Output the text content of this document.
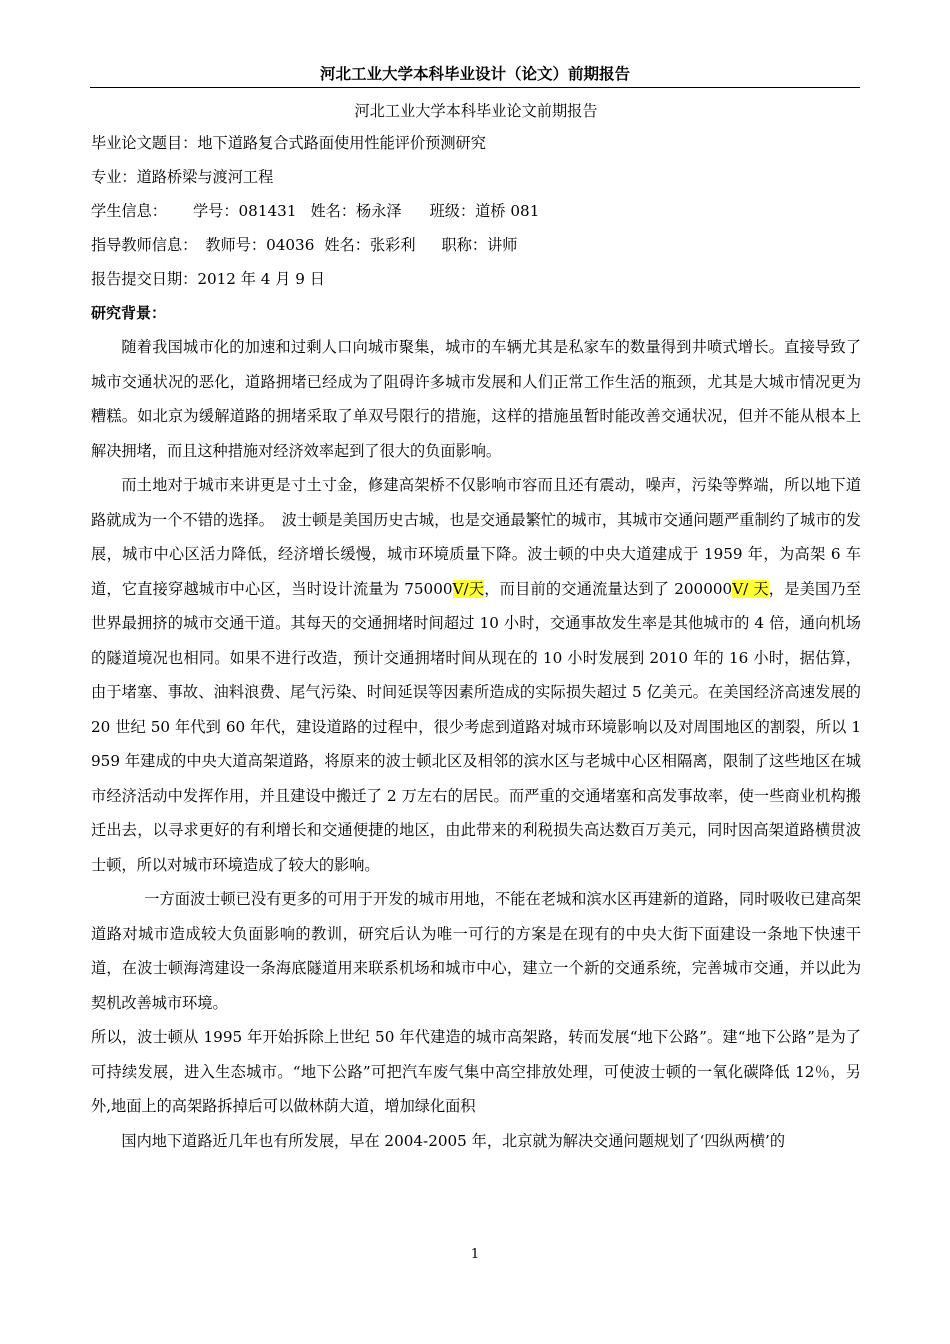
河北工业大学本科毕业设计（论文）前期报告

河北工业大学本科毕业论文前期报告

毕业论文题目：地下道路复合式路面使用性能评价预测研究

专业：道路桥梁与渡河工程

学生信息： 学号：081431 姓名：杨永泽 班级：道桥 081

指导教师信息： 教师号：04036 姓名：张彩利 职称：讲师

报告提交日期：2012 年 4 月 9 日

研究背景：

随着我国城市化的加速和过剩人口向城市聚集，城市的车辆尤其是私家车的数量得到井喷式增长。直接导致了城市交通状况的恶化，道路拥堵已经成为了阻碍许多城市发展和人们正常工作生活的瓶颈，尤其是大城市情况更为糟糕。如北京为缓解道路的拥堵采取了单双号限行的措施，这样的措施虽暂时能改善交通状况，但并不能从根本上解决拥堵，而且这种措施对经济效率起到了很大的负面影响。

而土地对于城市来讲更是寸土寸金，修建高架桥不仅影响市容而且还有震动，噪声，污染等弊端，所以地下道路就成为一个不错的选择。　波士顿是美国历史古城，也是交通最繁忙的城市，其城市交通问题严重制约了城市的发展，城市中心区活力降低，经济增长缓慢，城市环境质量下降。波士顿的中央大道建成于 1959 年，为高架 6 车道，它直接穿越城市中心区，当时设计流量为 75000V/天，而目前的交通流量达到了 200000V/ 天，是美国乃至世界最拥挤的城市交通干道。其每天的交通拥堵时间超过 10 小时，交通事故发生率是其他城市的 4 倍，通向机场的隧道境况也相同。如果不进行改造，预计交通拥堵时间从现在的 10 小时发展到 2010 年的 16 小时，据估算，由于堵塞、事故、油料浪费、尾气污染、时间延误等因素所造成的实际损失超过 5 亿美元。在美国经济高速发展的 20 世纪 50 年代到 60 年代，建设道路的过程中，很少考虑到道路对城市环境影响以及对周围地区的割裂，所以 1959 年建成的中央大道高架道路，将原来的波士顿北区及相邻的滨水区与老城中心区相隔离，限制了这些地区在城市经济活动中发挥作用，并且建设中搬迁了 2 万左右的居民。而严重的交通堵塞和高发事故率，使一些商业机构搬迁出去，以寻求更好的有利增长和交通便捷的地区，由此带来的利税损失高达数百万美元，同时因高架道路横贯波士顿，所以对城市环境造成了较大的影响。

一方面波士顿已没有更多的可用于开发的城市用地，不能在老城和滨水区再建新的道路，同时吸收已建高架道路对城市造成较大负面影响的教训，研究后认为唯一可行的方案是在现有的中央大街下面建设一条地下快速干道，在波士顿海湾建设一条海底隧道用来联系机场和城市中心，建立一个新的交通系统，完善城市交通，并以此为契机改善城市环境。

所以，波士顿从 1995 年开始拆除上世纪 50 年代建造的城市高架路，转而发展“地下公路”。建“地下公路”是为了可持续发展，进入生态城市。“地下公路”可把汽车废气集中高空排放处理，可使波士顿的一氧化碳降低 12％，另外,地面上的高架路拆掉后可以做林荫大道，增加绿化面积

国内地下道路近几年也有所发展，早在 2004-2005 年，北京就为解决交通问题规划了‘四纵两横’的

1
